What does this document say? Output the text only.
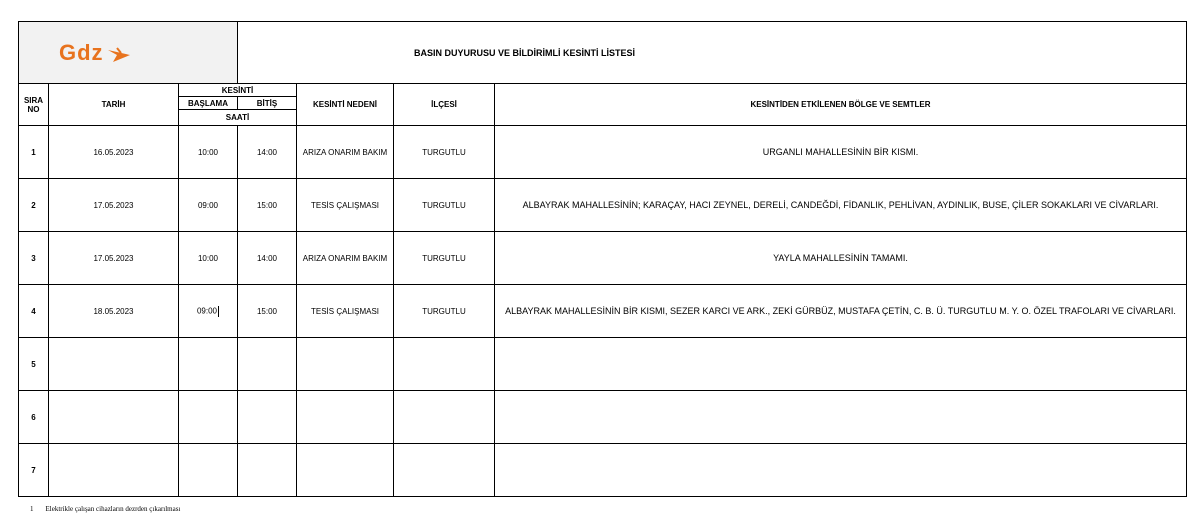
Gdz			BASIN DUYURUSU VE BİLDİRİMLİ KESİNTİ LİSTESİ			
SIRA NO	TARİH	KESİNTİ		KESİNTİ NEDENİ	İLÇESİ	KESİNTİDEN ETKİLENEN BÖLGE VE SEMTLER
		BAŞLAMA	BİTİŞ			
		SAATİ				
1	16.05.2023	10:00	14:00	ARIZA ONARIM BAKIM	TURGUTLU	URGANLI MAHALLESİNİN BİR KISMI.
2	17.05.2023	09:00	15:00	TESİS ÇALIŞMASI	TURGUTLU	ALBAYRAK MAHALLESİNİN; KARAÇAY, HACI ZEYNEL, DERELİ, CANDEĞDİ, FİDANLIK, PEHLİVAN, AYDINLIK, BUSE, ÇİLER SOKAKLARI VE CİVARLARI.
3	17.05.2023	10:00	14:00	ARIZA ONARIM BAKIM	TURGUTLU	YAYLA MAHALLESİNİN TAMAMI.
4	18.05.2023	09:00	15:00	TESİS ÇALIŞMASI	TURGUTLU	ALBAYRAK MAHALLESİNİN BİR KISMI, SEZER KARCI VE ARK., ZEKİ GÜRBÜZ, MUSTAFA ÇETİN, C. B. Ü. TURGUTLU M. Y. O. ÖZEL TRAFOLARI VE CİVARLARI.
5						
6						
7						
1 Elektrikle çalışan cihazların dezrden çıkarılması
